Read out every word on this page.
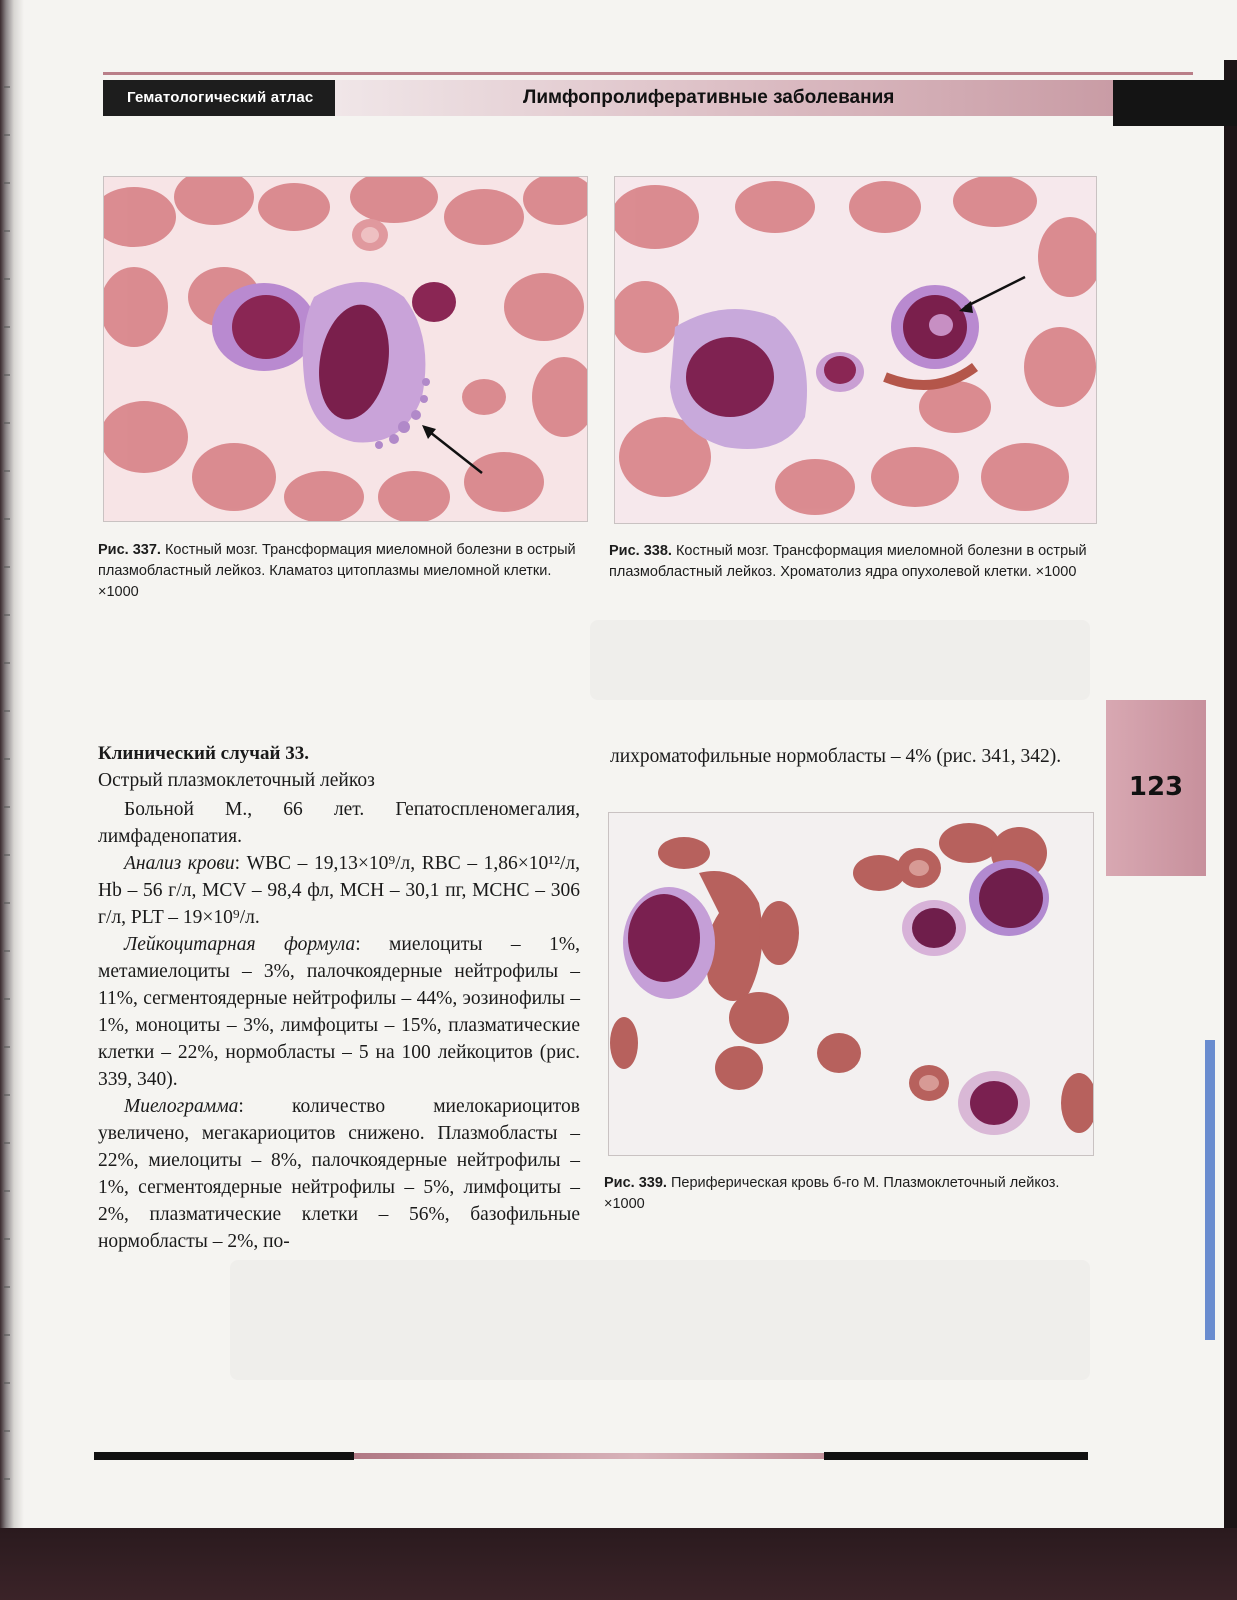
Гематологический атлас	Лимфопролиферативные заболевания
Рис. 337. Костный мозг. Трансформация миеломной болезни в острый плазмобластный лейкоз. Кламатоз цитоплазмы миеломной клетки. ×1000
Рис. 338. Костный мозг. Трансформация миеломной болезни в острый плазмобластный лейкоз. Хроматолиз ядра опухолевой клетки. ×1000
123
Клинический случай 33.
Острый плазмоклеточный лейкоз

Больной М., 66 лет. Гепатоспленомегалия, лимфаденопатия.

Анализ крови: WBC – 19,13×10⁹/л, RBC – 1,86×10¹²/л, Hb – 56 г/л, MCV – 98,4 фл, MCH – 30,1 пг, MCHC – 306 г/л, PLT – 19×10⁹/л.

Лейкоцитарная формула: миелоциты – 1%, метамиелоциты – 3%, палочкоядерные нейтрофилы – 11%, сегментоядерные нейтрофилы – 44%, эозинофилы – 1%, моноциты – 3%, лимфоциты – 15%, плазматические клетки – 22%, нормобласты – 5 на 100 лейкоцитов (рис. 339, 340).

Миелограмма: количество миелокариоцитов увеличено, мегакариоцитов снижено. Плазмобласты – 22%, миелоциты – 8%, палочкоядерные нейтрофилы – 1%, сегментоядерные нейтрофилы – 5%, лимфоциты – 2%, плазматические клетки – 56%, базофильные нормобласты – 2%, по-

лихроматофильные нормобласты – 4% (рис. 341, 342).
Рис. 339. Периферическая кровь б-го М. Плазмоклеточный лейкоз. ×1000
